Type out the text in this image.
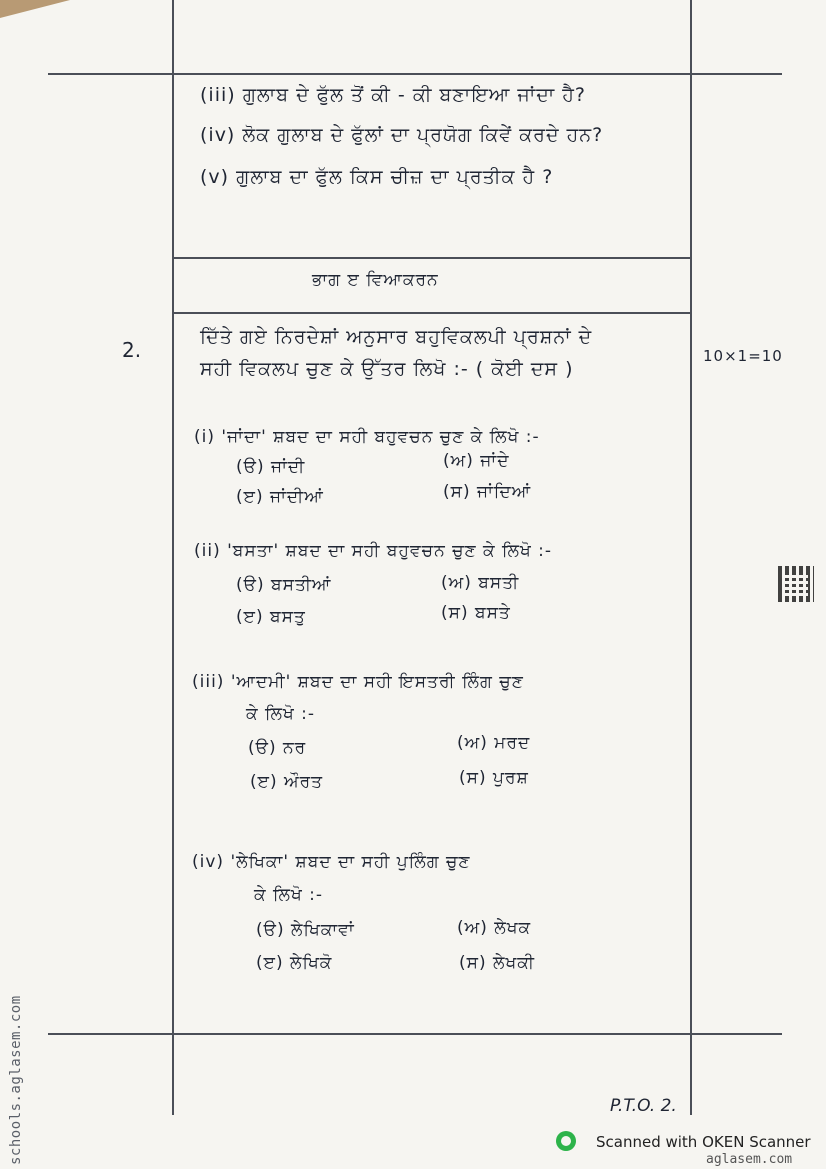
(iii) ਗੁਲਾਬ ਦੇ ਫੁੱਲ ਤੋਂ ਕੀ - ਕੀ ਬਣਾਇਆ ਜਾਂਦਾ ਹੈ?
(iv) ਲੋਕ ਗੁਲਾਬ ਦੇ ਫੁੱਲਾਂ ਦਾ ਪ੍ਰਯੋਗ ਕਿਵੇਂ ਕਰਦੇ ਹਨ?
(v) ਗੁਲਾਬ ਦਾ ਫੁੱਲ ਕਿਸ ਚੀਜ਼ ਦਾ ਪ੍ਰਤੀਕ ਹੈ ?
ਭਾਗ ੲ ਵਿਆਕਰਨ
2.
ਦਿੱਤੇ ਗਏ ਨਿਰਦੇਸ਼ਾਂ ਅਨੁਸਾਰ ਬਹੁਵਿਕਲਪੀ ਪ੍ਰਸ਼ਨਾਂ ਦੇ
ਸਹੀ ਵਿਕਲਪ ਚੁਣ ਕੇ ਉੱਤਰ ਲਿਖੋ :- ( ਕੋਈ ਦਸ )
10×1=10
(i) 'ਜਾਂਦਾ' ਸ਼ਬਦ ਦਾ ਸਹੀ ਬਹੁਵਚਨ ਚੁਣ ਕੇ ਲਿਖੋ :-
(ੳ) ਜਾਂਦੀ	(ਅ) ਜਾਂਦੇ
(ੲ) ਜਾਂਦੀਆਂ	(ਸ) ਜਾਂਦਿਆਂ
(ii) 'ਬਸਤਾ' ਸ਼ਬਦ ਦਾ ਸਹੀ ਬਹੁਵਚਨ ਚੁਣ ਕੇ ਲਿਖੋ :-
(ੳ) ਬਸਤੀਆਂ	(ਅ) ਬਸਤੀ
(ੲ) ਬਸਤੁ	(ਸ) ਬਸਤੇ
(iii) 'ਆਦਮੀ' ਸ਼ਬਦ ਦਾ ਸਹੀ ਇਸਤਰੀ ਲਿੰਗ ਚੁਣ
ਕੇ ਲਿਖੋ :-
(ੳ) ਨਰ	(ਅ) ਮਰਦ
(ੲ) ਔਰਤ	(ਸ) ਪੁਰਸ਼
(iv) 'ਲੇਖਿਕਾ' ਸ਼ਬਦ ਦਾ ਸਹੀ ਪੁਲਿੰਗ ਚੁਣ
ਕੇ ਲਿਖੋ :-
(ੳ) ਲੇਖਿਕਾਵਾਂ	(ਅ) ਲੇਖਕ
(ੲ) ਲੇਖਿਕੋ	(ਸ) ਲੇਖਕੀ
P.T.O. 2.
schools.aglasem.com	Scanned with OKEN Scanner
aglasem.com
